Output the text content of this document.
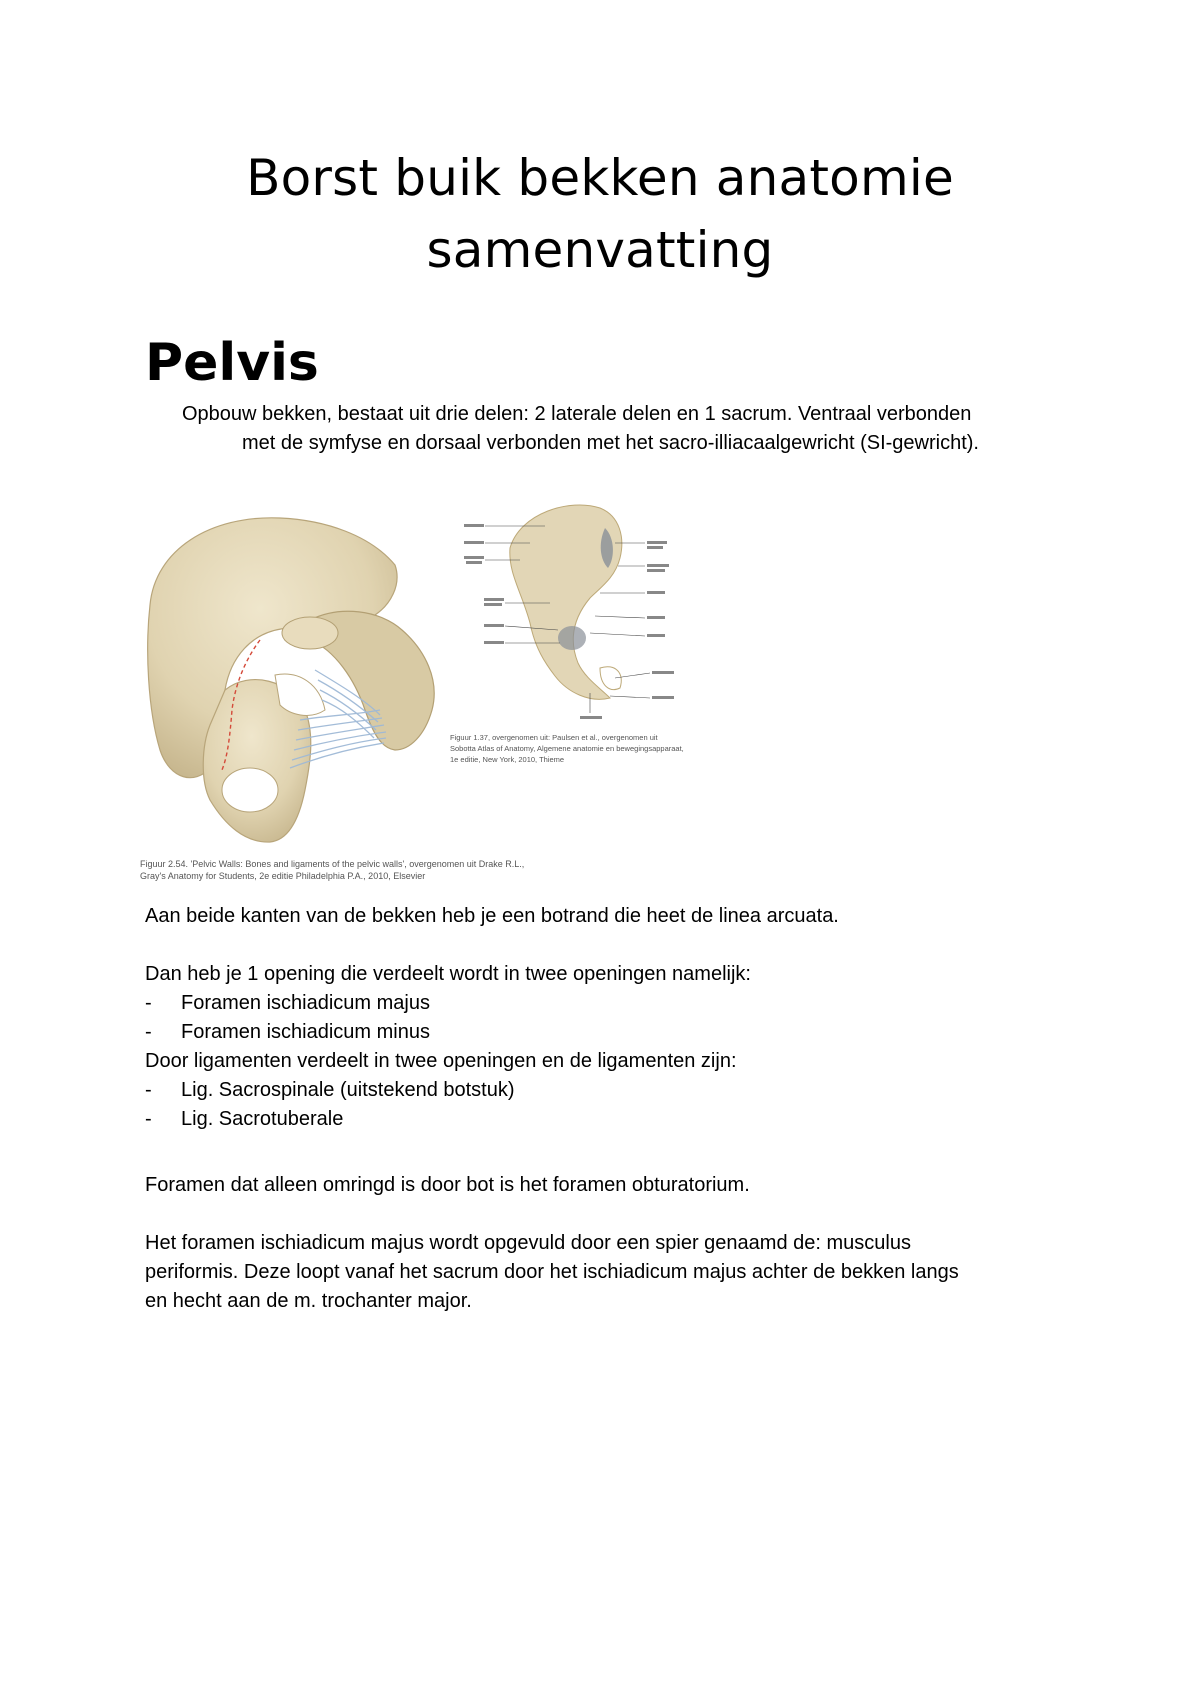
Borst buik bekken anatomie
samenvatting
Pelvis

Opbouw bekken, bestaat uit drie delen: 2 laterale delen en 1 sacrum. Ventraal verbonden
met de symfyse en dorsaal verbonden met het sacro-illiacaalgewricht (SI-gewricht).

Figuur 2.54. 'Pelvic Walls: Bones and ligaments of the pelvic walls', overgenomen uit Drake R.L.,
Gray's Anatomy for Students, 2e editie Philadelphia P.A., 2010, Elsevier
Figuur 1.37, overgenomen uit: Paulsen et al., overgenomen uit
Sobotta Atlas of Anatomy, Algemene anatomie en bewegingsapparaat,
1e editie, New York, 2010, Thieme

Aan beide kanten van de bekken heb je een botrand die heet de linea arcuata.

Dan heb je 1 opening die verdeelt wordt in twee openingen namelijk:
- Foramen ischiadicum majus
- Foramen ischiadicum minus
Door ligamenten verdeelt in twee openingen en de ligamenten zijn:
- Lig. Sacrospinale (uitstekend botstuk)
- Lig. Sacrotuberale

Foramen dat alleen omringd is door bot is het foramen obturatorium.

Het foramen ischiadicum majus wordt opgevuld door een spier genaamd de: musculus
periformis. Deze loopt vanaf het sacrum door het ischiadicum majus achter de bekken langs
en hecht aan de m. trochanter major.
